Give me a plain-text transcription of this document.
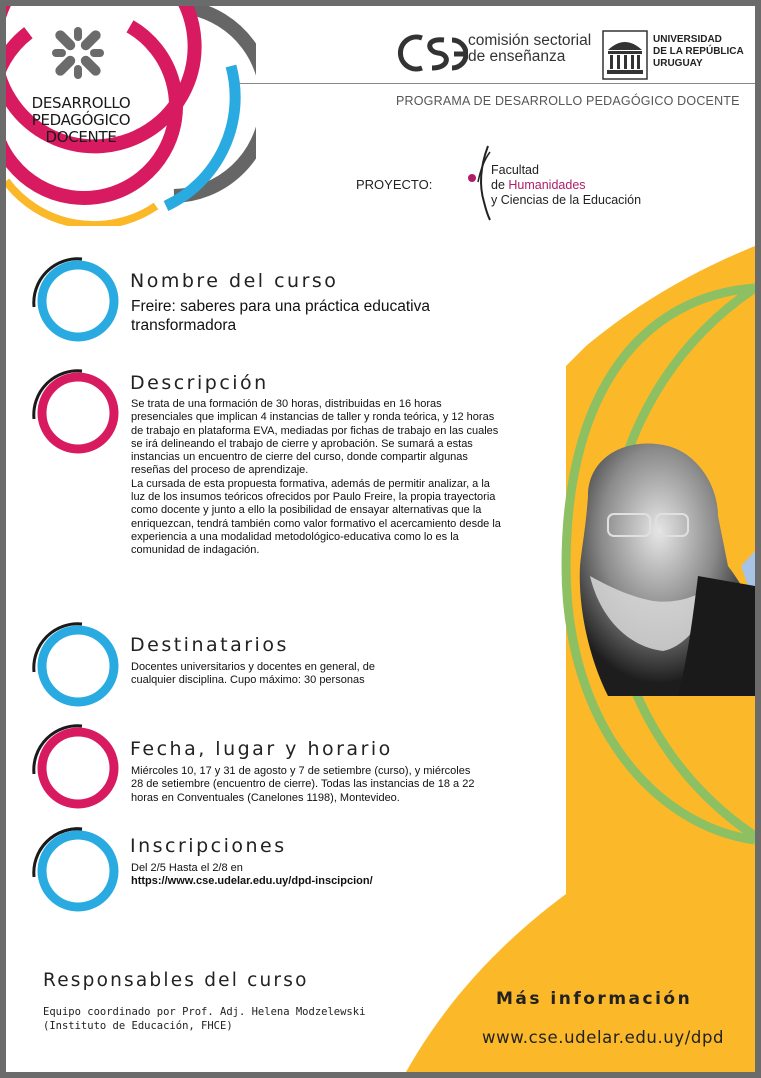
DESARROLLO
PEDAGÓGICO
DOCENTE
comisión sectorial
de enseñanza
UNIVERSIDAD
DE LA REPÚBLICA
URUGUAY
PROGRAMA DE DESARROLLO PEDAGÓGICO DOCENTE
PROYECTO:
Facultad
de Humanidades
y Ciencias de la Educación
Nombre del curso
Freire: saberes para una práctica educativa transformadora
Descripción

Se trata de una formación de 30 horas, distribuidas en 16 horas presenciales que implican 4 instancias de taller y ronda teórica, y 12 horas de trabajo en plataforma EVA, mediadas por fichas de trabajo en las cuales se irá delineando el trabajo de cierre y aprobación. Se sumará a estas instancias un encuentro de cierre del curso, donde compartir algunas reseñas del proceso de aprendizaje.

La cursada de esta propuesta formativa, además de permitir analizar, a la luz de los insumos teóricos ofrecidos por Paulo Freire, la propia trayectoria como docente y junto a ello la posibilidad de ensayar alternativas que la enriquezcan, tendrá también como valor formativo el acercamiento desde la experiencia a una modalidad metodológico-educativa como lo es la comunidad de indagación.

Destinatarios
Docentes universitarios y docentes en general, de cualquier disciplina. Cupo máximo: 30 personas
Fecha, lugar y horario
Miércoles 10, 17 y 31 de agosto y 7 de setiembre (curso), y miércoles 28 de setiembre (encuentro de cierre). Todas las instancias de 18 a 22 horas en Conventuales (Canelones 1198), Montevideo.
Inscripciones
Del 2/5 Hasta el 2/8 en
https://www.cse.udelar.edu.uy/dpd-inscipcion/
Responsables del curso
Equipo coordinado por Prof. Adj. Helena Modzelewski (Instituto de Educación, FHCE)
Más información
www.cse.udelar.edu.uy/dpd
